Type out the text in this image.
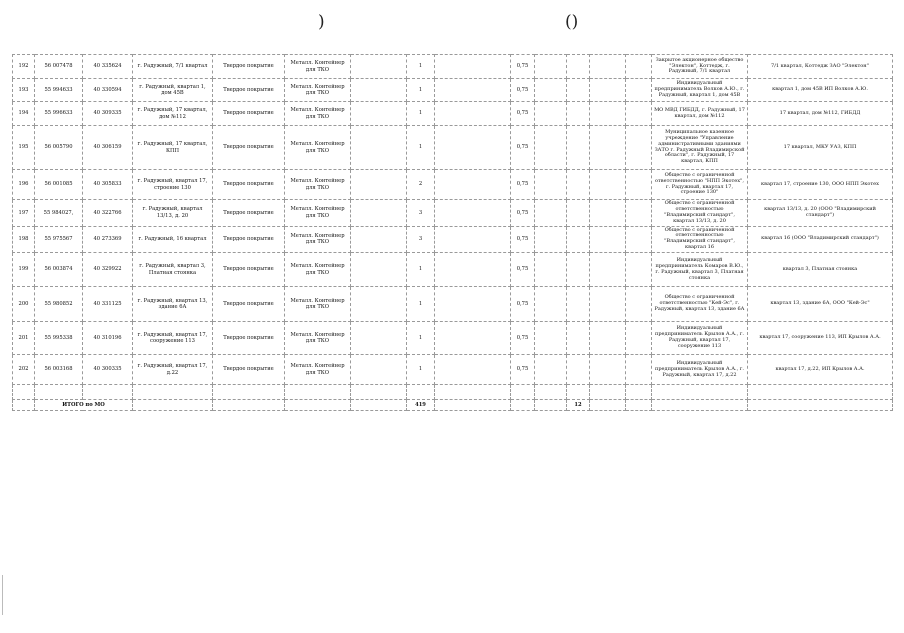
)	()
192	56 007478	40 335624	г. Радужный, 7/1 квартал	Твердое покрытие	Металл. Контейнер для ТКО		1		0,75					Закрытое акционерное общество "Электон", Коттедж, г. Радужный, 7/1 квартал	7/1 квартал, Коттедж ЗАО "Электон"
193	55 994633	40 330594	г. Радужный, квартал 1, дом 45В	Твердое покрытие	Металл. Контейнер для ТКО		1		0,75					Индивидуальный предприниматель Волков А.Ю., г. Радужный, квартал 1, дом 45В	квартал 1, дом 45В ИП Волков А.Ю.
194	55 996633	40 309335	г. Радужный, 17 квартал, дом №112	Твердое покрытие	Металл. Контейнер для ТКО		1		0,75					МО МВД ГИБДД, г. Радужный, 17 квартал, дом №112	17 квартал, дом №112, ГИБДД
195	56 005790	40 306159	г. Радужный, 17 квартал, КПП	Твердое покрытие	Металл. Контейнер для ТКО		1		0,75					Муниципальное казенное учреждение "Управление административными зданиями ЗАТО г. Радужный Владимирской области", г. Радужный, 17 квартал, КПП	17 квартал, МКУ УАЗ, КПП
196	56 001085	40 305833	г. Радужный, квартал 17, строение 130	Твердое покрытие	Металл. Контейнер для ТКО		2		0,75					Общество с ограниченной ответственностью "НПП Экотех", г. Радужный, квартал 17, строение 130"	квартал 17, строение 130, ООО НПП Экотех
197	55 984027,	40 322766	г. Радужный, квартал 13/13, д. 20	Твердое покрытие	Металл. Контейнер для ТКО		3		0,75					Общество с ограниченной ответственностью "Владимирский стандарт", квартал 13/13, д. 20	квартал 13/13, д. 20 (ООО "Владимирский стандарт")
198	55 975567	40 273369	г. Радужный, 16 квартал	Твердое покрытие	Металл. Контейнер для ТКО		3		0,75					Общество с ограниченной ответственностью "Владимирский стандарт", квартал 16	квартал 16 (ООО "Владимирский стандарт")
199	56 003874	40 329922	г. Радужный, квартал 3, Платная стоянка	Твердое покрытие	Металл. Контейнер для ТКО		1		0,75					Индивидуальный предприниматель Комаров В.Ю., г. Радужный, квартал 3, Платная стоянка	квартал 3, Платная стоянка
200	55 980852	40 331125	г. Радужный, квартал 13, здание 6А	Твердое покрытие	Металл. Контейнер для ТКО		1		0,75					Общество с ограниченной ответственностью "Кей-Эс", г. Радужный, квартал 13, здание 6А	квартал 13, здание 6А, ООО "Кей-Эс"
201	55 995338	40 310196	г. Радужный, квартал 17, сооружение 113	Твердое покрытие	Металл. Контейнер для ТКО		1		0,75					Индивидуальный предприниматель Крылов А.А., г. Радужный, квартал 17, сооружение 113	квартал 17, сооружение 113, ИП Крылов А.А.
202	56 003168	40 300335	г. Радужный, квартал 17, д.22	Твердое покрытие	Металл. Контейнер для ТКО		1		0,75					Индивидуальный предприниматель Крылов А.А., г. Радужный, квартал 17, д.22	квартал 17, д.22, ИП Крылов А.А.

	ИТОГО по МО						419				12				
